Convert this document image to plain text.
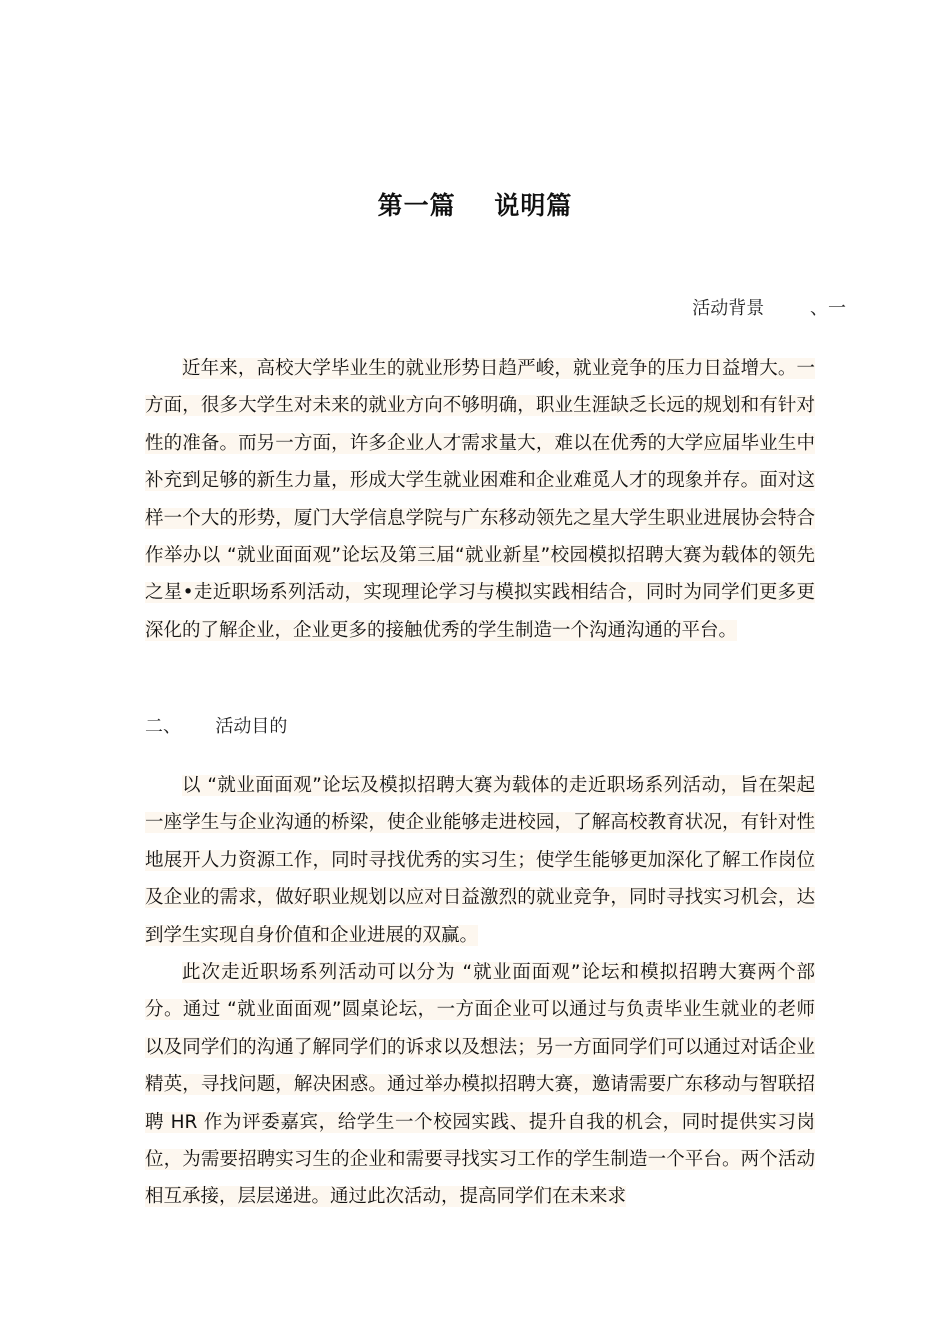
第一篇    说明篇
活动背景        、一

近年来，高校大学毕业生的就业形势日趋严峻，就业竞争的压力日益增大。一方面，很多大学生对未来的就业方向不够明确，职业生涯缺乏长远的规划和有针对性的准备。而另一方面，许多企业人才需求量大，难以在优秀的大学应届毕业生中补充到足够的新生力量，形成大学生就业困难和企业难觅人才的现象并存。面对这样一个大的形势，厦门大学信息学院与广东移动领先之星大学生职业进展协会特合作举办以 “就业面面观”论坛及第三届“就业新星”校园模拟招聘大赛为载体的领先之星•走近职场系列活动，实现理论学习与模拟实践相结合，同时为同学们更多更深化的了解企业，企业更多的接触优秀的学生制造一个沟通沟通的平台。

二、      活动目的

以 “就业面面观”论坛及模拟招聘大赛为载体的走近职场系列活动，旨在架起一座学生与企业沟通的桥梁，使企业能够走进校园，了解高校教育状况，有针对性地展开人力资源工作，同时寻找优秀的实习生；使学生能够更加深化了解工作岗位及企业的需求，做好职业规划以应对日益激烈的就业竞争，同时寻找实习机会，达到学生实现自身价值和企业进展的双赢。

此次走近职场系列活动可以分为 “就业面面观”论坛和模拟招聘大赛两个部分。通过 “就业面面观”圆桌论坛，一方面企业可以通过与负责毕业生就业的老师以及同学们的沟通了解同学们的诉求以及想法；另一方面同学们可以通过对话企业精英，寻找问题，解决困惑。通过举办模拟招聘大赛，邀请需要广东移动与智联招聘 HR 作为评委嘉宾，给学生一个校园实践、提升自我的机会，同时提供实习岗位，为需要招聘实习生的企业和需要寻找实习工作的学生制造一个平台。两个活动相互承接，层层递进。通过此次活动，提高同学们在未来求
